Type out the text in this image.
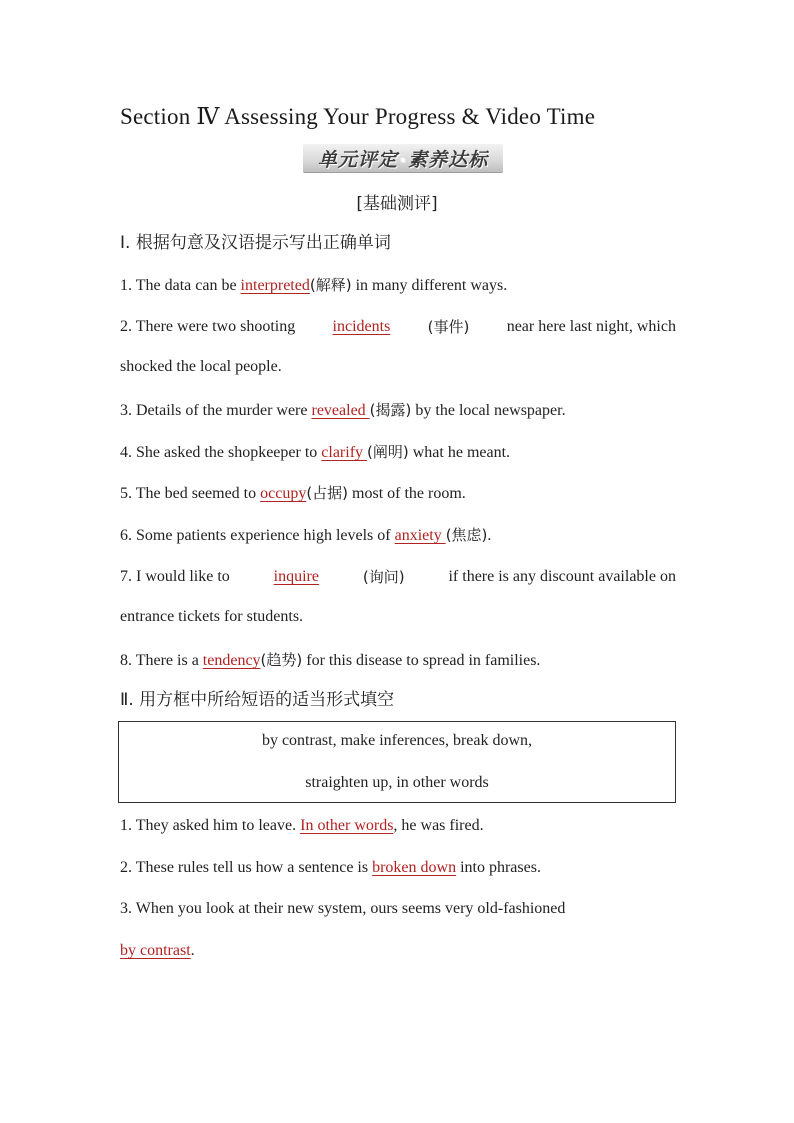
Section Ⅳ Assessing Your Progress & Video Time
单元评定·素养达标
[基础测评]
Ⅰ. 根据句意及汉语提示写出正确单词
1. The data can be interpreted(解释) in many different ways.
2. There were two shooting incidents (事件) near here last night, which
shocked the local people.
3. Details of the murder were revealed (揭露) by the local newspaper.
4. She asked the shopkeeper to clarify (阐明) what he meant.
5. The bed seemed to occupy(占据) most of the room.
6. Some patients experience high levels of anxiety (焦虑).
7. I would like to	inquire	(询问)	if there is any discount available on
entrance tickets for students.
8. There is a tendency(趋势) for this disease to spread in families.
Ⅱ. 用方框中所给短语的适当形式填空
by contrast, make inferences, break down,
straighten up, in other words
1. They asked him to leave. In other words, he was fired.
2. These rules tell us how a sentence is broken down into phrases.
3. When you look at their new system, ours seems very old-fashioned
by contrast.
